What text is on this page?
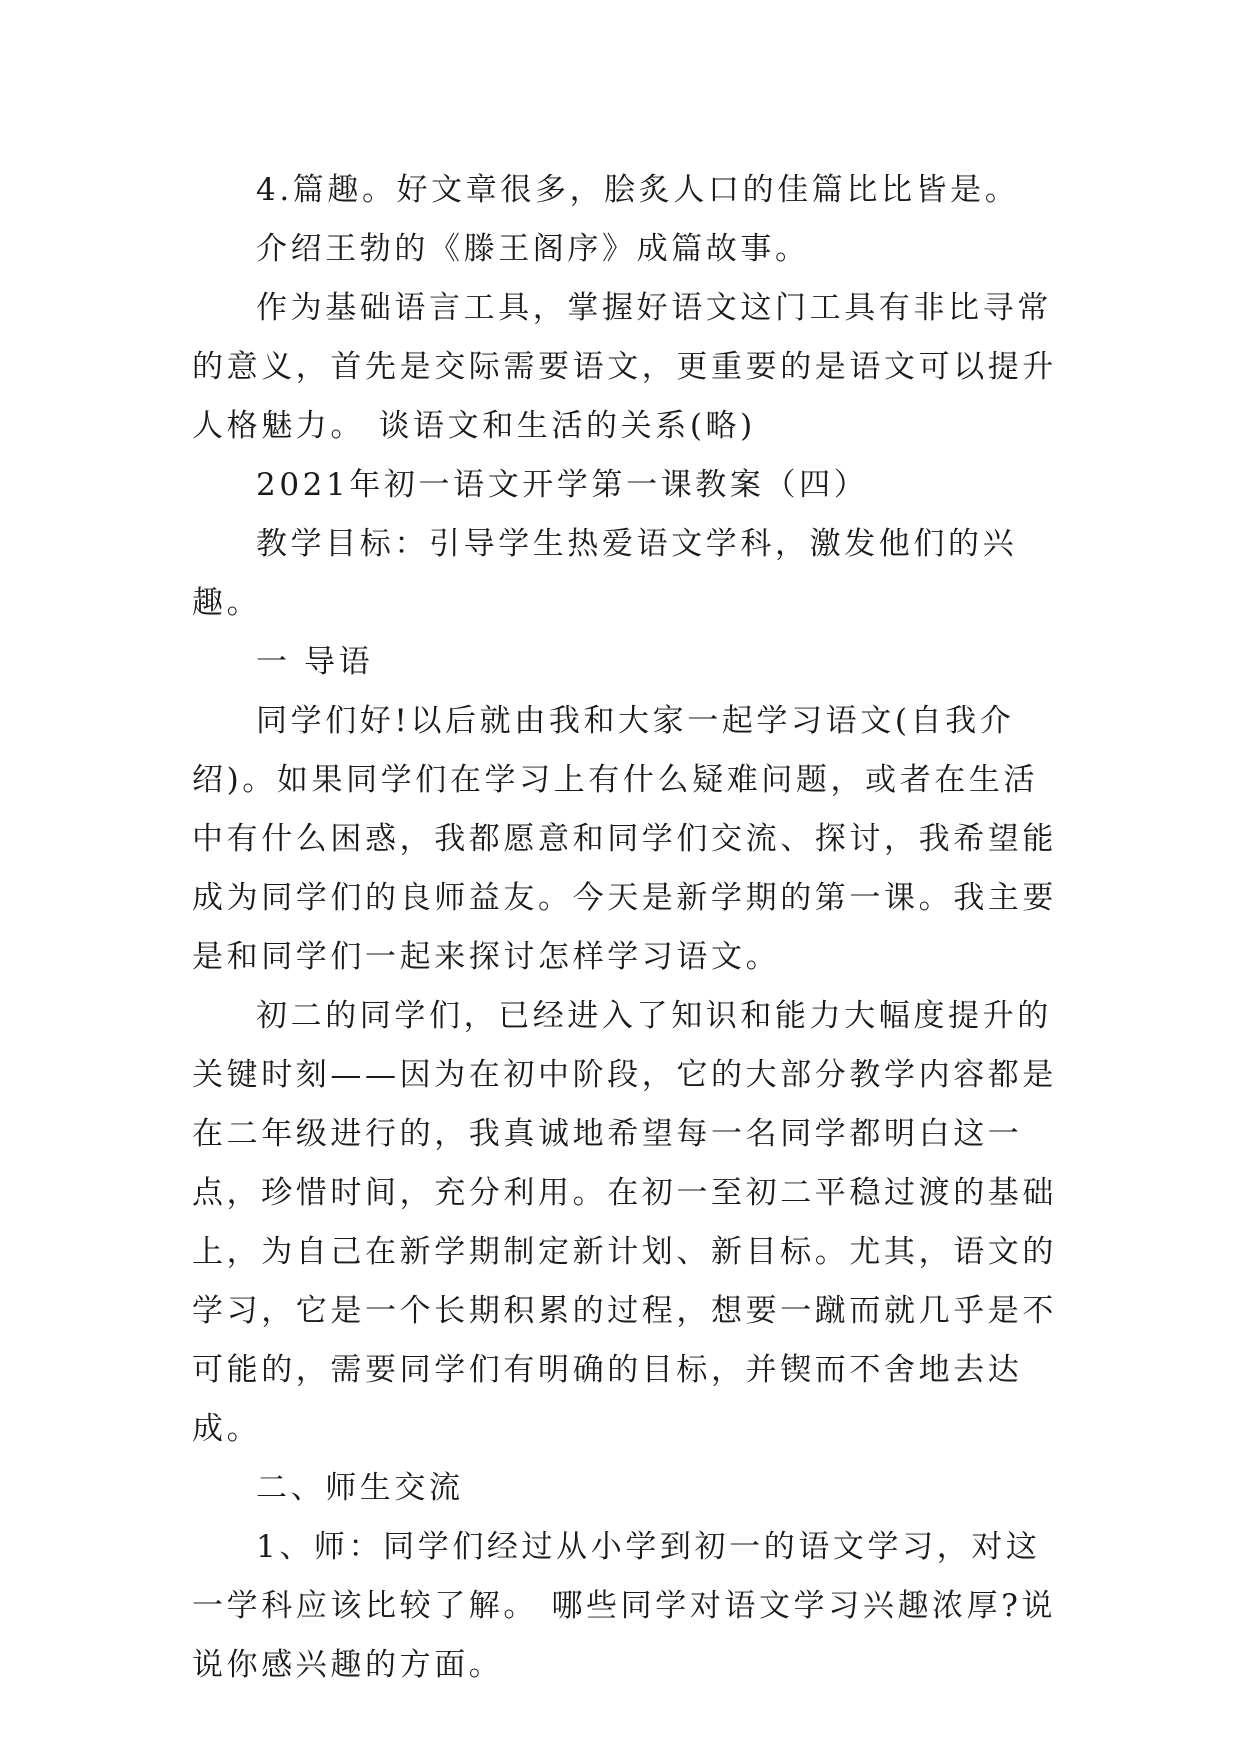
4.篇趣。好文章很多，脍炙人口的佳篇比比皆是。

介绍王勃的《滕王阁序》成篇故事。

作为基础语言工具，掌握好语文这门工具有非比寻常的意义，首先是交际需要语文，更重要的是语文可以提升人格魅力。 谈语文和生活的关系(略)

2021年初一语文开学第一课教案（四）

教学目标：引导学生热爱语文学科，激发他们的兴趣。

一 导语

同学们好!以后就由我和大家一起学习语文(自我介绍)。如果同学们在学习上有什么疑难问题，或者在生活中有什么困惑，我都愿意和同学们交流、探讨，我希望能成为同学们的良师益友。今天是新学期的第一课。我主要是和同学们一起来探讨怎样学习语文。

初二的同学们，已经进入了知识和能力大幅度提升的关键时刻——因为在初中阶段，它的大部分教学内容都是在二年级进行的，我真诚地希望每一名同学都明白这一点，珍惜时间，充分利用。在初一至初二平稳过渡的基础上，为自己在新学期制定新计划、新目标。尤其，语文的学习，它是一个长期积累的过程，想要一蹴而就几乎是不可能的，需要同学们有明确的目标，并锲而不舍地去达成。

二、师生交流

1、师：同学们经过从小学到初一的语文学习，对这一学科应该比较了解。 哪些同学对语文学习兴趣浓厚?说说你感兴趣的方面。
